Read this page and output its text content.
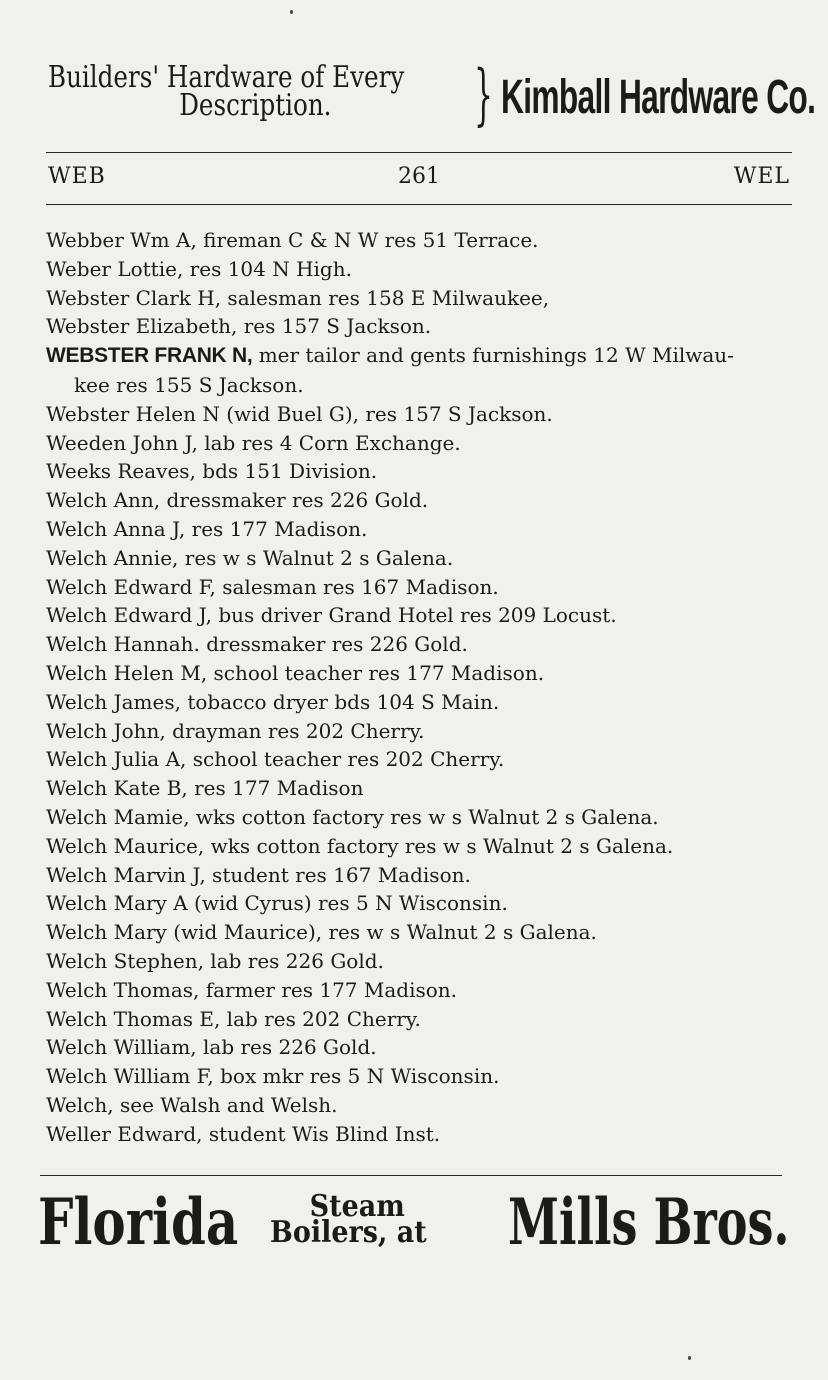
Builders' Hardware of Every
Description.	} Kimball Hardware Co.
WEB	261	WEL
Webber Wm A, fireman C & N W res 51 Terrace.
Weber Lottie, res 104 N High.
Webster Clark H, salesman res 158 E Milwaukee,
Webster Elizabeth, res 157 S Jackson.
WEBSTER FRANK N, mer tailor and gents furnishings 12 W Milwau-
kee res 155 S Jackson.
Webster Helen N (wid Buel G), res 157 S Jackson.
Weeden John J, lab res 4 Corn Exchange.
Weeks Reaves, bds 151 Division.
Welch Ann, dressmaker res 226 Gold.
Welch Anna J, res 177 Madison.
Welch Annie, res w s Walnut 2 s Galena.
Welch Edward F, salesman res 167 Madison.
Welch Edward J, bus driver Grand Hotel res 209 Locust.
Welch Hannah. dressmaker res 226 Gold.
Welch Helen M, school teacher res 177 Madison.
Welch James, tobacco dryer bds 104 S Main.
Welch John, drayman res 202 Cherry.
Welch Julia A, school teacher res 202 Cherry.
Welch Kate B, res 177 Madison
Welch Mamie, wks cotton factory res w s Walnut 2 s Galena.
Welch Maurice, wks cotton factory res w s Walnut 2 s Galena.
Welch Marvin J, student res 167 Madison.
Welch Mary A (wid Cyrus) res 5 N Wisconsin.
Welch Mary (wid Maurice), res w s Walnut 2 s Galena.
Welch Stephen, lab res 226 Gold.
Welch Thomas, farmer res 177 Madison.
Welch Thomas E, lab res 202 Cherry.
Welch William, lab res 226 Gold.
Welch William F, box mkr res 5 N Wisconsin.
Welch, see Walsh and Welsh.
Weller Edward, student Wis Blind Inst.
Florida	Steam
Boilers, at Mills Bros.
